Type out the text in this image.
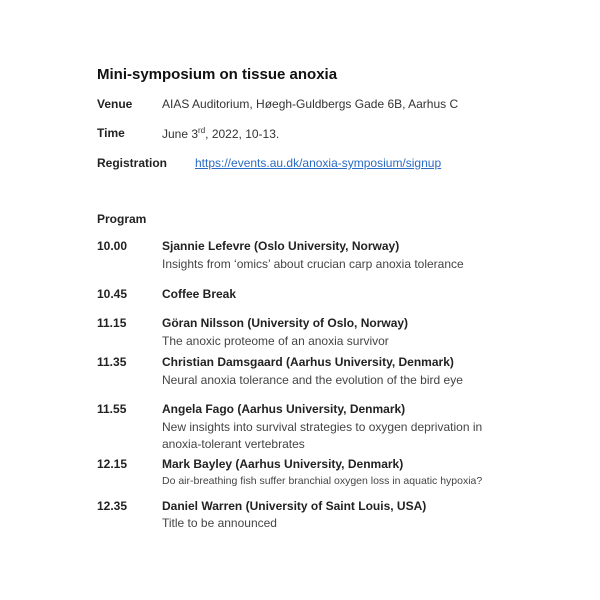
Mini-symposium on tissue anoxia
Venue AIAS Auditorium, Høegh-Guldbergs Gade 6B, Aarhus C
Time	June 3rd, 2022, 10-13.
Registration https://events.au.dk/anoxia-symposium/signup
Program
10.00	Sjannie Lefevre (Oslo University, Norway)
Insights from ‘omics’ about crucian carp anoxia tolerance
10.45	Coffee Break
11.15	Göran Nilsson (University of Oslo, Norway)
The anoxic proteome of an anoxia survivor
11.35	Christian Damsgaard (Aarhus University, Denmark)
Neural anoxia tolerance and the evolution of the bird eye
11.55	Angela Fago (Aarhus University, Denmark)
New insights into survival strategies to oxygen deprivation in
anoxia-tolerant vertebrates
12.15	Mark Bayley (Aarhus University, Denmark)
Do air-breathing fish suffer branchial oxygen loss in aquatic hypoxia?
12.35	Daniel Warren (University of Saint Louis, USA)
Title to be announced
